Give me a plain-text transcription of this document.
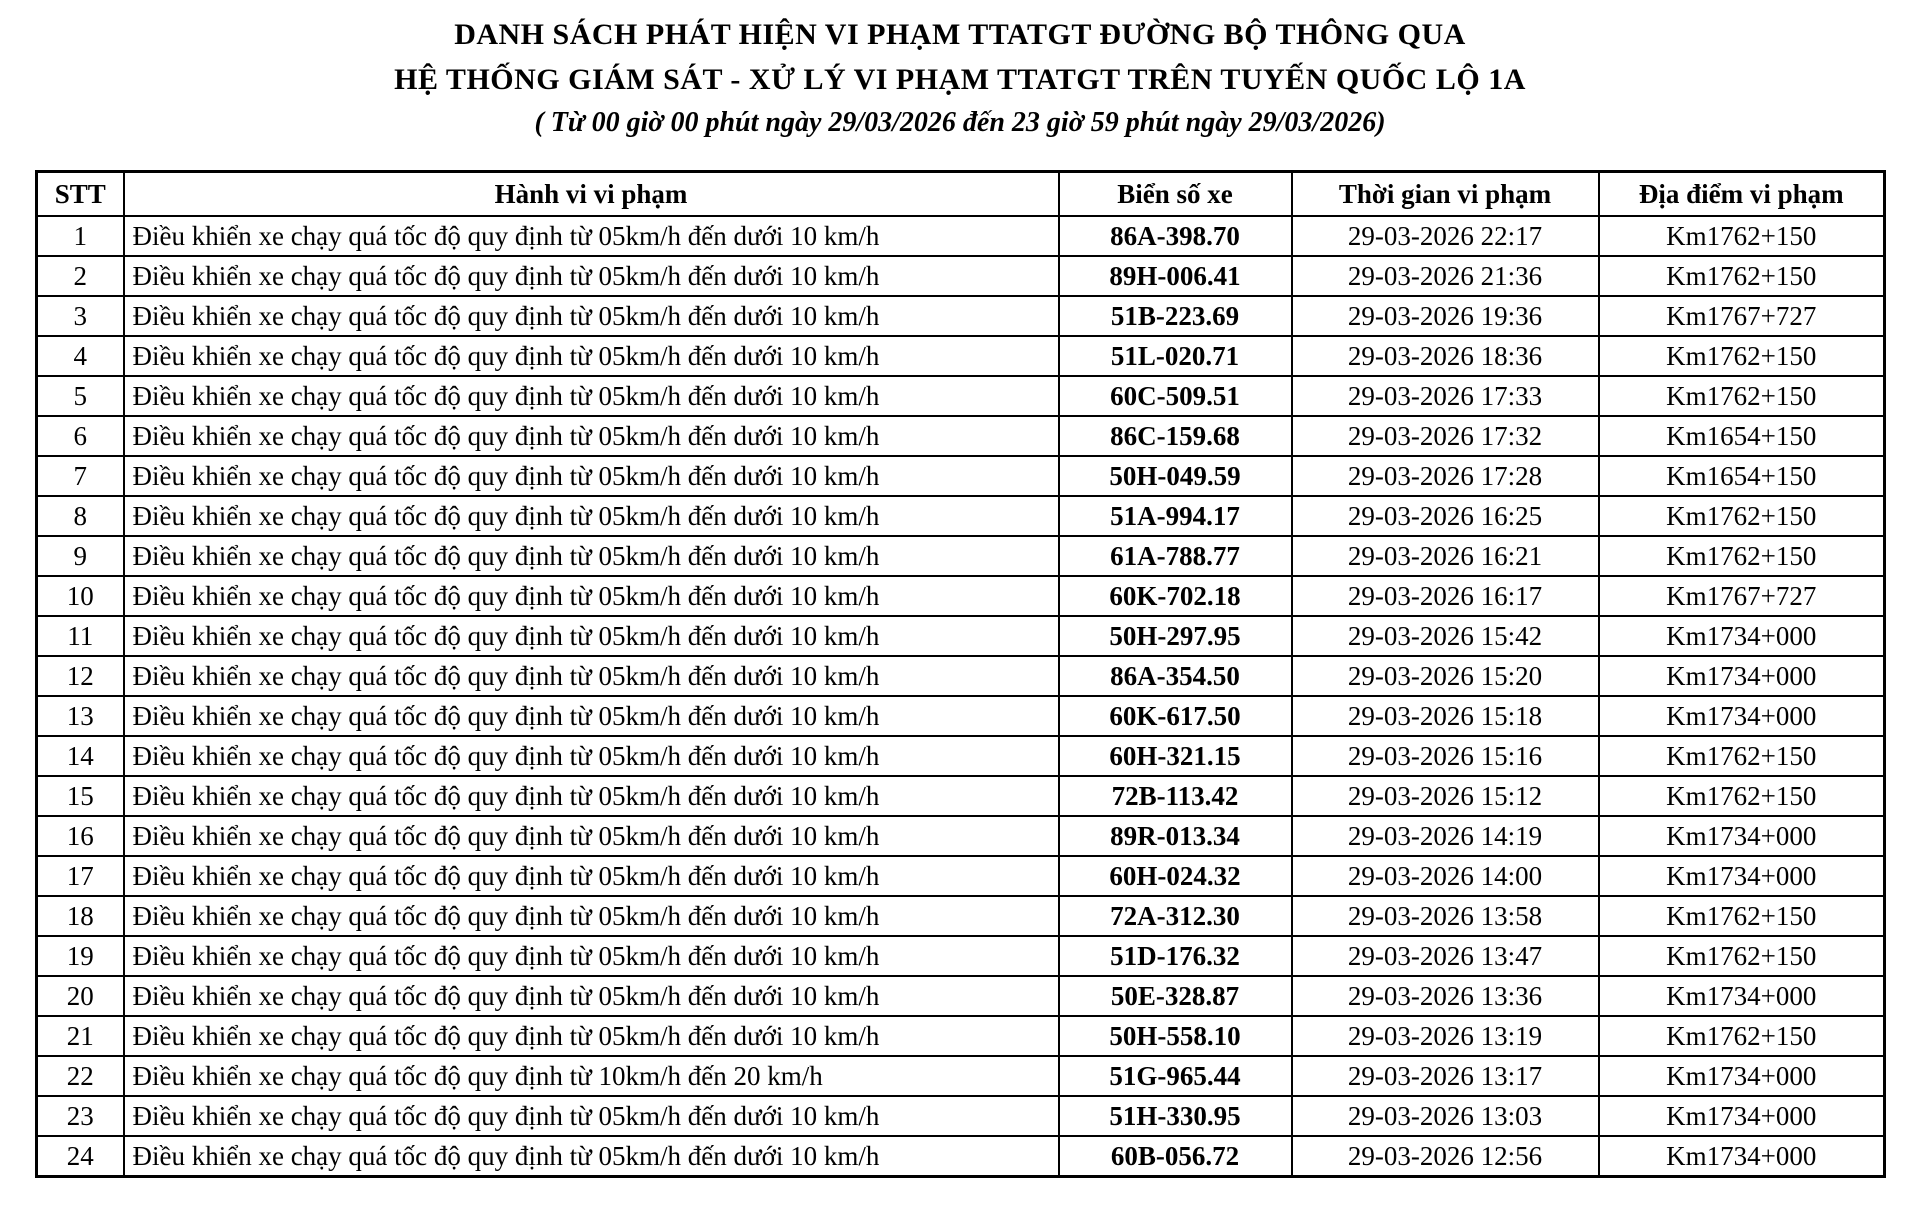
DANH SÁCH PHÁT HIỆN VI PHẠM TTATGT ĐƯỜNG BỘ THÔNG QUA
HỆ THỐNG GIÁM SÁT - XỬ LÝ VI PHẠM TTATGT TRÊN TUYẾN QUỐC LỘ 1A
( Từ 00 giờ 00 phút ngày 29/03/2026 đến 23 giờ 59 phút ngày 29/03/2026)
STT	Hành vi vi phạm	Biển số xe	Thời gian vi phạm	Địa điểm vi phạm
1	Điều khiển xe chạy quá tốc độ quy định từ 05km/h đến dưới 10 km/h	86A-398.70	29-03-2026 22:17	Km1762+150
2	Điều khiển xe chạy quá tốc độ quy định từ 05km/h đến dưới 10 km/h	89H-006.41	29-03-2026 21:36	Km1762+150
3	Điều khiển xe chạy quá tốc độ quy định từ 05km/h đến dưới 10 km/h	51B-223.69	29-03-2026 19:36	Km1767+727
4	Điều khiển xe chạy quá tốc độ quy định từ 05km/h đến dưới 10 km/h	51L-020.71	29-03-2026 18:36	Km1762+150
5	Điều khiển xe chạy quá tốc độ quy định từ 05km/h đến dưới 10 km/h	60C-509.51	29-03-2026 17:33	Km1762+150
6	Điều khiển xe chạy quá tốc độ quy định từ 05km/h đến dưới 10 km/h	86C-159.68	29-03-2026 17:32	Km1654+150
7	Điều khiển xe chạy quá tốc độ quy định từ 05km/h đến dưới 10 km/h	50H-049.59	29-03-2026 17:28	Km1654+150
8	Điều khiển xe chạy quá tốc độ quy định từ 05km/h đến dưới 10 km/h	51A-994.17	29-03-2026 16:25	Km1762+150
9	Điều khiển xe chạy quá tốc độ quy định từ 05km/h đến dưới 10 km/h	61A-788.77	29-03-2026 16:21	Km1762+150
10	Điều khiển xe chạy quá tốc độ quy định từ 05km/h đến dưới 10 km/h	60K-702.18	29-03-2026 16:17	Km1767+727
11	Điều khiển xe chạy quá tốc độ quy định từ 05km/h đến dưới 10 km/h	50H-297.95	29-03-2026 15:42	Km1734+000
12	Điều khiển xe chạy quá tốc độ quy định từ 05km/h đến dưới 10 km/h	86A-354.50	29-03-2026 15:20	Km1734+000
13	Điều khiển xe chạy quá tốc độ quy định từ 05km/h đến dưới 10 km/h	60K-617.50	29-03-2026 15:18	Km1734+000
14	Điều khiển xe chạy quá tốc độ quy định từ 05km/h đến dưới 10 km/h	60H-321.15	29-03-2026 15:16	Km1762+150
15	Điều khiển xe chạy quá tốc độ quy định từ 05km/h đến dưới 10 km/h	72B-113.42	29-03-2026 15:12	Km1762+150
16	Điều khiển xe chạy quá tốc độ quy định từ 05km/h đến dưới 10 km/h	89R-013.34	29-03-2026 14:19	Km1734+000
17	Điều khiển xe chạy quá tốc độ quy định từ 05km/h đến dưới 10 km/h	60H-024.32	29-03-2026 14:00	Km1734+000
18	Điều khiển xe chạy quá tốc độ quy định từ 05km/h đến dưới 10 km/h	72A-312.30	29-03-2026 13:58	Km1762+150
19	Điều khiển xe chạy quá tốc độ quy định từ 05km/h đến dưới 10 km/h	51D-176.32	29-03-2026 13:47	Km1762+150
20	Điều khiển xe chạy quá tốc độ quy định từ 05km/h đến dưới 10 km/h	50E-328.87	29-03-2026 13:36	Km1734+000
21	Điều khiển xe chạy quá tốc độ quy định từ 05km/h đến dưới 10 km/h	50H-558.10	29-03-2026 13:19	Km1762+150
22	Điều khiển xe chạy quá tốc độ quy định từ 10km/h đến 20 km/h	51G-965.44	29-03-2026 13:17	Km1734+000
23	Điều khiển xe chạy quá tốc độ quy định từ 05km/h đến dưới 10 km/h	51H-330.95	29-03-2026 13:03	Km1734+000
24	Điều khiển xe chạy quá tốc độ quy định từ 05km/h đến dưới 10 km/h	60B-056.72	29-03-2026 12:56	Km1734+000
